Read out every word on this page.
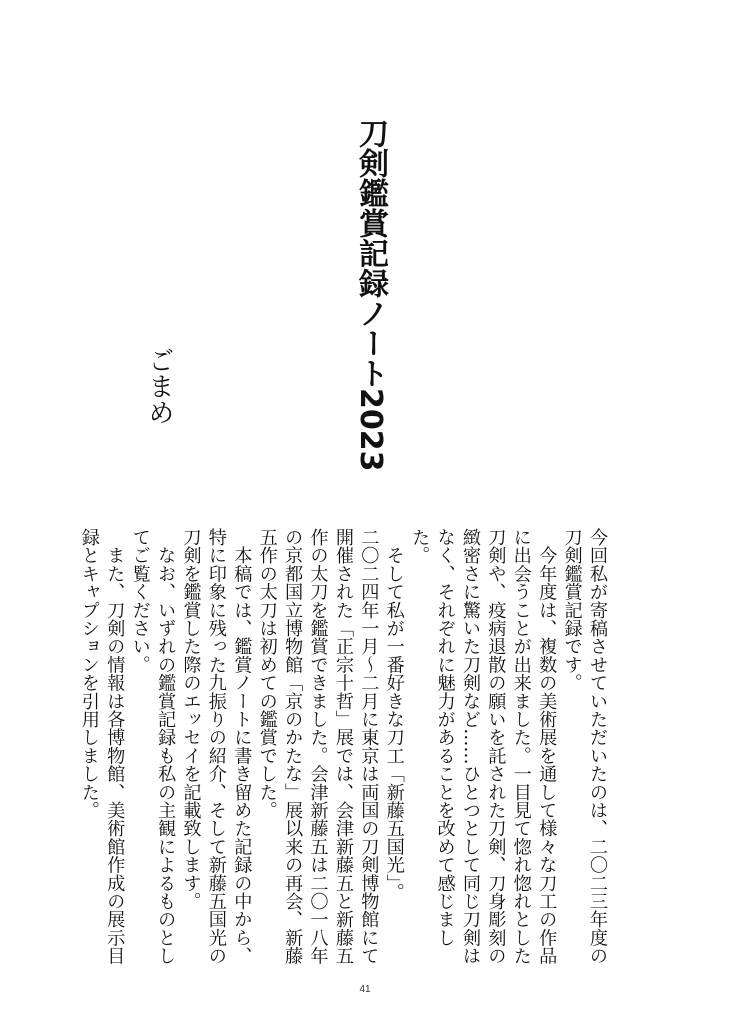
刀剣鑑賞記録ノート2023
ごまめ

今回私が寄稿させていただいたのは、二〇二三年度の刀剣鑑賞記録です。

　今年度は、複数の美術展を通して様々な刀工の作品に出会うことが出来ました。一目見て惚れ惚れとした刀剣や、疫病退散の願いを託された刀剣、刀身彫刻の緻密さに驚いた刀剣など……ひとつとして同じ刀剣はなく、それぞれに魅力があることを改めて感じました。

　そして私が一番好きな刀工「新藤五国光」。

二〇二四年一月～二月に東京は両国の刀剣博物館にて開催された「正宗十哲」展では、会津新藤五と新藤五作の太刀を鑑賞できました。会津新藤五は二〇一八年の京都国立博物館「京のかたな」展以来の再会、新藤五作の太刀は初めての鑑賞でした。

　本稿では、鑑賞ノートに書き留めた記録の中から、特に印象に残った九振りの紹介、そして新藤五国光の刀剣を鑑賞した際のエッセイを記載致します。

　なお、いずれの鑑賞記録も私の主観によるものとしてご覧ください。

　また、刀剣の情報は各博物館、美術館作成の展示目録とキャプションを引用しました。

41
